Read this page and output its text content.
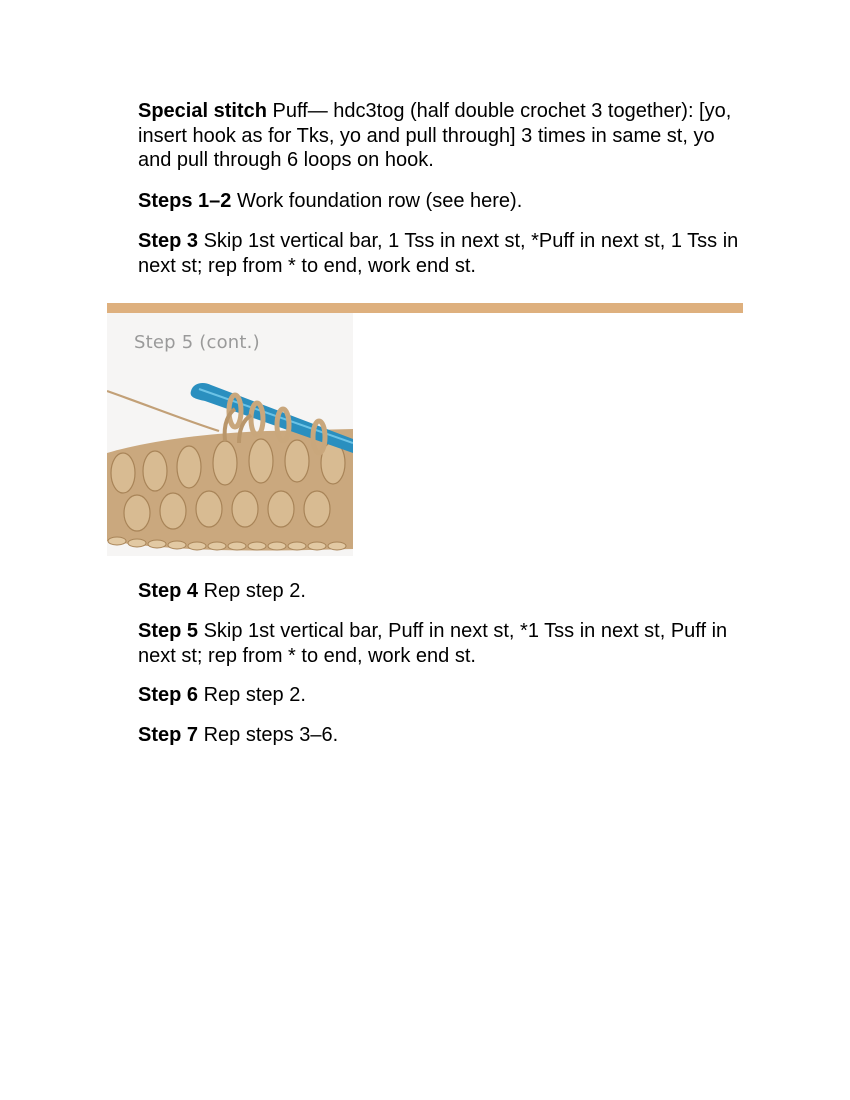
Special stitch Puff— hdc3tog (half double crochet 3 together): [yo, insert hook as for Tks, yo and pull through] 3 times in same st, yo and pull through 6 loops on hook.

Steps 1–2 Work foundation row (see here).

Step 3 Skip 1st vertical bar, 1 Tss in next st, *Puff in next st, 1 Tss in next st; rep from * to end, work end st.

Step 5 (cont.)

Step 4 Rep step 2.

Step 5 Skip 1st vertical bar, Puff in next st, *1 Tss in next st, Puff in next st; rep from * to end, work end st.

Step 6 Rep step 2.

Step 7 Rep steps 3–6.
